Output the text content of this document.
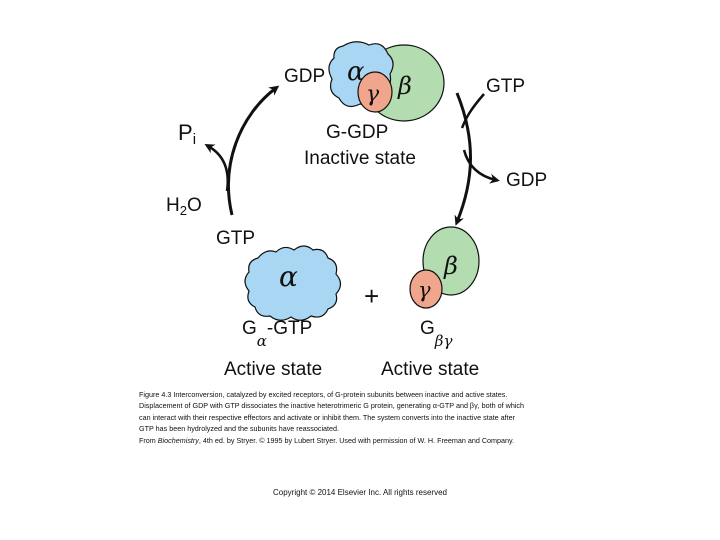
α β
γ
GDP
G-GDP
Inactive state
GTP
GDP
Pi
$H_2O$
GTP
α
$G_\alpha$-GTP
Active state
+
β
γ
$G_{\beta\gamma}$
Active state

Figure 4.3 Interconversion, catalyzed by excited receptors, of G-protein subunits between inactive and active states.

Displacement of GDP with GTP dissociates the inactive heterotrimeric G protein, generating α-GTP and βγ, both of which

can interact with their respective effectors and activate or inhibit them. The system converts into the inactive state after

GTP has been hydrolyzed and the subunits have reassociated.

From Biochemistry, 4th ed. by Stryer. © 1995 by Lubert Stryer. Used with permission of W. H. Freeman and Company.

Copyright © 2014 Elsevier Inc. All rights reserved
